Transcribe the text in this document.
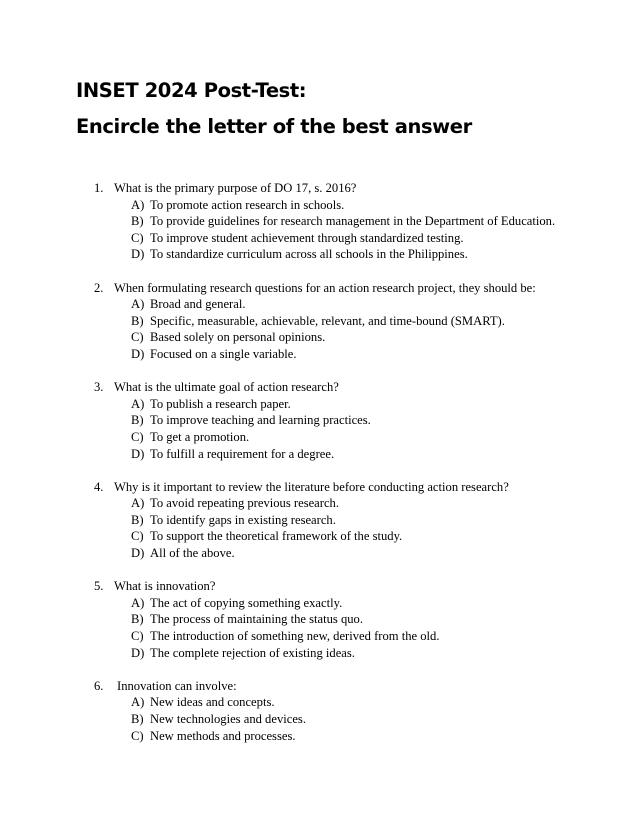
INSET 2024 Post-Test:
Encircle the letter of the best answer
1. What is the primary purpose of DO 17, s. 2016?
A) To promote action research in schools.
B) To provide guidelines for research management in the Department of Education.
C) To improve student achievement through standardized testing.
D) To standardize curriculum across all schools in the Philippines.
2. When formulating research questions for an action research project, they should be:
A) Broad and general.
B) Specific, measurable, achievable, relevant, and time-bound (SMART).
C) Based solely on personal opinions.
D) Focused on a single variable.
3. What is the ultimate goal of action research?
A) To publish a research paper.
B) To improve teaching and learning practices.
C) To get a promotion.
D) To fulfill a requirement for a degree.
4. Why is it important to review the literature before conducting action research?
A) To avoid repeating previous research.
B) To identify gaps in existing research.
C) To support the theoretical framework of the study.
D) All of the above.
5. What is innovation?
A) The act of copying something exactly.
B) The process of maintaining the status quo.
C) The introduction of something new, derived from the old.
D) The complete rejection of existing ideas.
6. Innovation can involve:
A) New ideas and concepts.
B) New technologies and devices.
C) New methods and processes.
